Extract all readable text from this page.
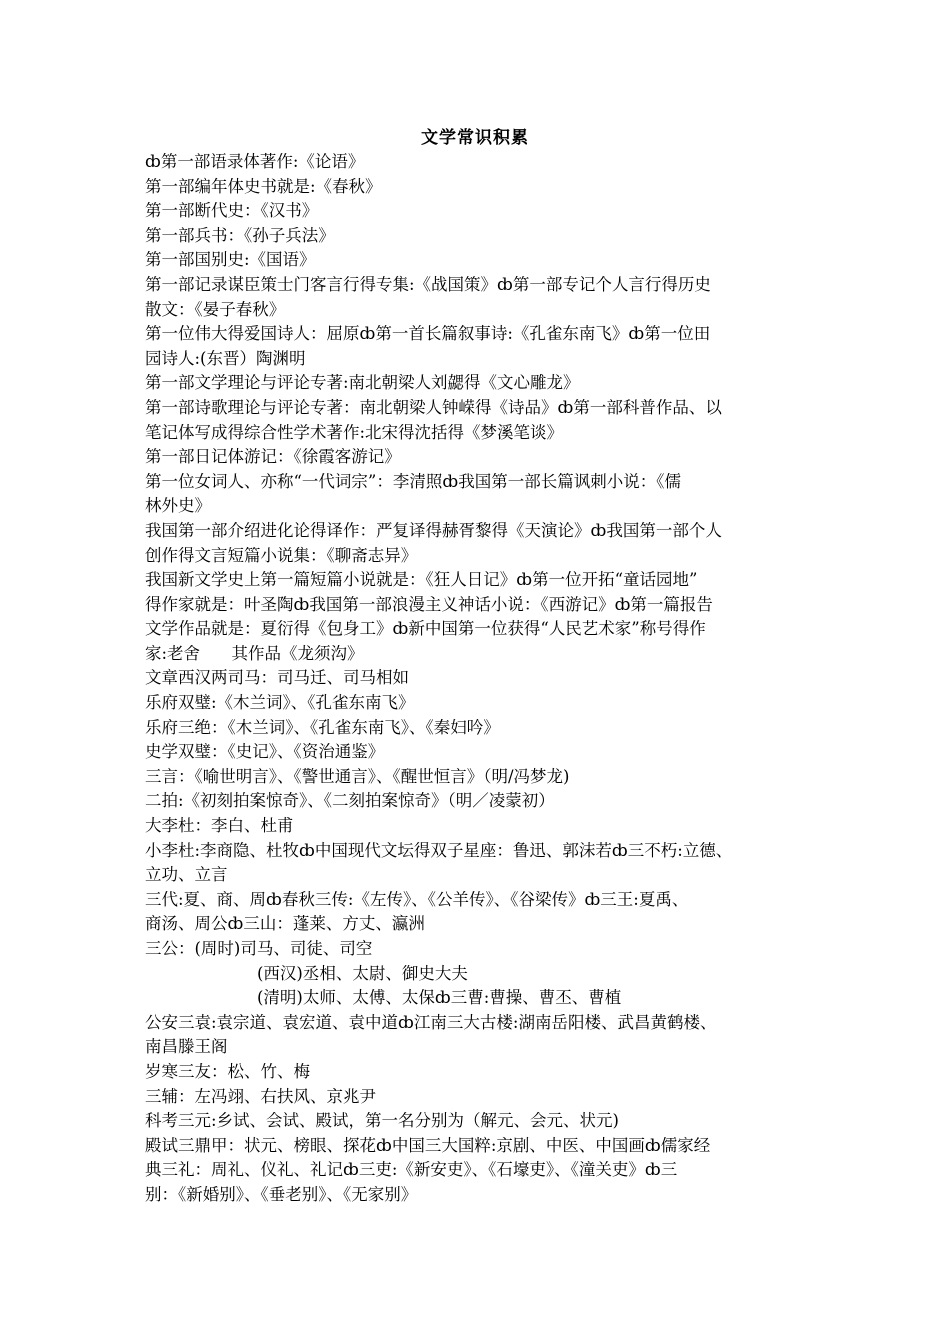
文学常识积累
ȸ第一部语录体著作:《论语》
第一部编年体史书就是:《春秋》
第一部断代史：《汉书》
第一部兵书：《孙子兵法》
第一部国别史:《国语》
第一部记录谋臣策士门客言行得专集:《战国策》ȸ第一部专记个人言行得历史
散文：《晏子春秋》
第一位伟大得爱国诗人：屈原ȸ第一首长篇叙事诗:《孔雀东南飞》ȸ第一位田
园诗人:(东晋）陶渊明
第一部文学理论与评论专著:南北朝梁人刘勰得《文心雕龙》
第一部诗歌理论与评论专著：南北朝梁人钟嵘得《诗品》ȸ第一部科普作品、以
笔记体写成得综合性学术著作:北宋得沈括得《梦溪笔谈》
第一部日记体游记：《徐霞客游记》
第一位女词人、亦称“一代词宗”：李清照ȸ我国第一部长篇讽刺小说：《儒
林外史》
我国第一部介绍进化论得译作：严复译得赫胥黎得《天演论》ȸ我国第一部个人
创作得文言短篇小说集：《聊斋志异》
我国新文学史上第一篇短篇小说就是：《狂人日记》ȸ第一位开拓“童话园地”
得作家就是：叶圣陶ȸ我国第一部浪漫主义神话小说：《西游记》ȸ第一篇报告
文学作品就是：夏衍得《包身工》ȸ新中国第一位获得“人民艺术家”称号得作
家:老舍      其作品《龙须沟》
文章西汉两司马：司马迁、司马相如
乐府双璧:《木兰词》、《孔雀东南飞》
乐府三绝：《木兰词》、《孔雀东南飞》、《秦妇吟》
史学双璧：《史记》、《资治通鉴》
三言：《喻世明言》、《警世通言》、《醒世恒言》（明/冯梦龙)
二拍:《初刻拍案惊奇》、《二刻拍案惊奇》（明／凌蒙初）
大李杜：李白、杜甫
小李杜:李商隐、杜牧ȸ中国现代文坛得双子星座：鲁迅、郭沫若ȸ三不朽:立德、
立功、立言
三代:夏、商、周ȸ春秋三传:《左传》、《公羊传》、《谷梁传》ȸ三王:夏禹、
商汤、周公ȸ三山：蓬莱、方丈、瀛洲
三公：(周时)司马、司徒、司空
(西汉)丞相、太尉、御史大夫
(清明)太师、太傅、太保ȸ三曹:曹操、曹丕、曹植
公安三袁:袁宗道、袁宏道、袁中道ȸ江南三大古楼:湖南岳阳楼、武昌黄鹤楼、
南昌滕王阁
岁寒三友：松、竹、梅
三辅：左冯翊、右扶风、京兆尹
科考三元:乡试、会试、殿试，第一名分别为（解元、会元、状元)
殿试三鼎甲：状元、榜眼、探花ȸ中国三大国粹:京剧、中医、中国画ȸ儒家经
典三礼：周礼、仪礼、礼记ȸ三吏:《新安吏》、《石壕吏》、《潼关吏》ȸ三
别：《新婚别》、《垂老别》、《无家别》
